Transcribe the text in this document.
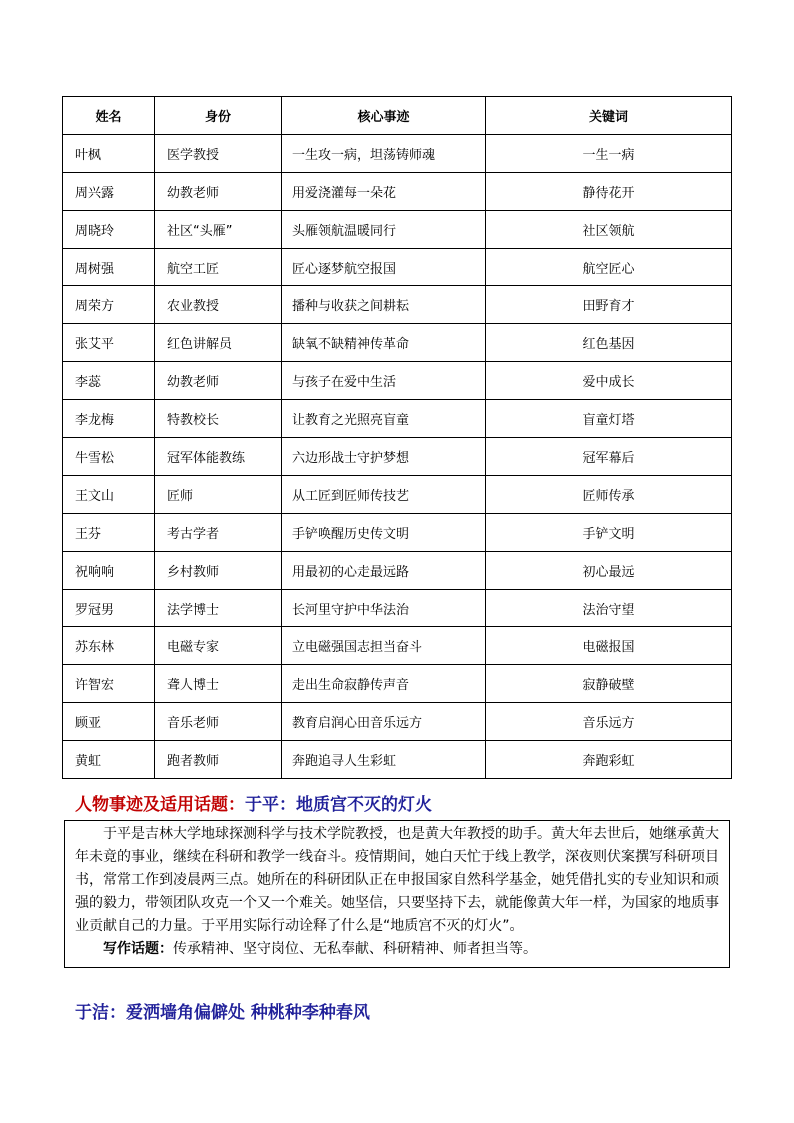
姓名	身份	核心事迹	关键词
叶枫	医学教授	一生攻一病，坦荡铸师魂	一生一病
周兴露	幼教老师	用爱浇灌每一朵花	静待花开
周晓玲	社区“头雁”	头雁领航温暖同行	社区领航
周树强	航空工匠	匠心逐梦航空报国	航空匠心
周荣方	农业教授	播种与收获之间耕耘	田野育才
张艾平	红色讲解员	缺氧不缺精神传革命	红色基因
李蕊	幼教老师	与孩子在爱中生活	爱中成长
李龙梅	特教校长	让教育之光照亮盲童	盲童灯塔
牛雪松	冠军体能教练	六边形战士守护梦想	冠军幕后
王文山	匠师	从工匠到匠师传技艺	匠师传承
王芬	考古学者	手铲唤醒历史传文明	手铲文明
祝响响	乡村教师	用最初的心走最远路	初心最远
罗冠男	法学博士	长河里守护中华法治	法治守望
苏东林	电磁专家	立电磁强国志担当奋斗	电磁报国
许智宏	聋人博士	走出生命寂静传声音	寂静破壁
顾亚	音乐老师	教育启润心田音乐远方	音乐远方
黄虹	跑者教师	奔跑追寻人生彩虹	奔跑彩虹
人物事迹及适用话题：于平：地质宫不灭的灯火

于平是吉林大学地球探测科学与技术学院教授，也是黄大年教授的助手。黄大年去世后，她继承黄大年未竟的事业，继续在科研和教学一线奋斗。疫情期间，她白天忙于线上教学，深夜则伏案撰写科研项目书，常常工作到凌晨两三点。她所在的科研团队正在申报国家自然科学基金，她凭借扎实的专业知识和顽强的毅力，带领团队攻克一个又一个难关。她坚信，只要坚持下去，就能像黄大年一样，为国家的地质事业贡献自己的力量。于平用实际行动诠释了什么是“地质宫不灭的灯火”。

写作话题：传承精神、坚守岗位、无私奉献、科研精神、师者担当等。
于洁：爱洒墙角偏僻处 种桃种李种春风
